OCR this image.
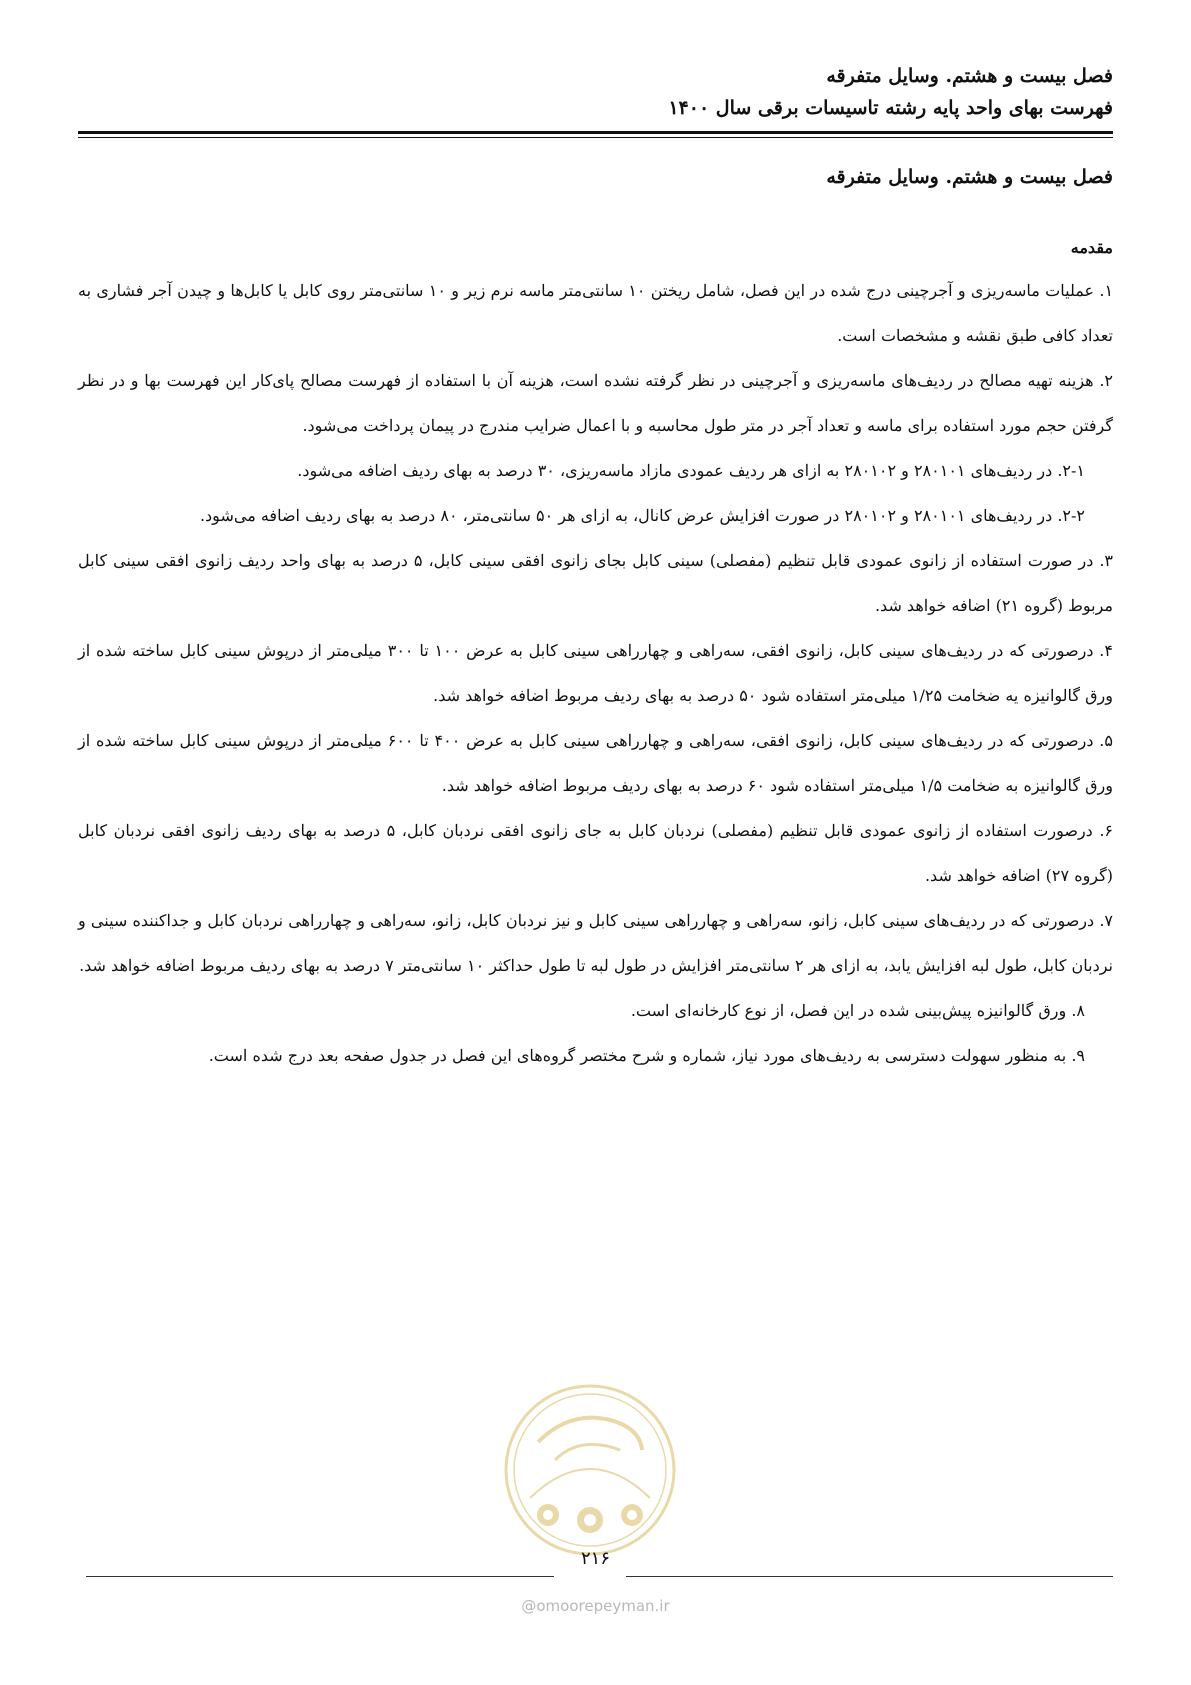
فصل بیست و هشتم. وسایل متفرقه
فهرست بهای واحد پایه رشته تاسیسات برقی سال ۱۴۰۰
فصل بیست و هشتم. وسایل متفرقه
مقدمه

۱. عملیات ماسه‌ریزی و آجرچینی درج شده در این فصل، شامل ریختن ۱۰ سانتی‌متر ماسه نرم زیر و ۱۰ سانتی‌متر روی کابل یا کابل‌ها و چیدن آجر فشاری به تعداد کافی طبق نقشه و مشخصات است.

۲. هزینه تهیه مصالح در ردیف‌های ماسه‌ریزی و آجرچینی در نظر گرفته نشده است، هزینه آن با استفاده از فهرست مصالح پای‌کار این فهرست بها و در نظر گرفتن حجم مورد استفاده برای ماسه و تعداد آجر در متر طول محاسبه و با اعمال ضرایب مندرج در پیمان پرداخت می‌شود.

۲-۱. در ردیف‌های ۲۸۰۱۰۱ و ۲۸۰۱۰۲ به ازای هر ردیف عمودی مازاد ماسه‌ریزی، ۳۰ درصد به بهای ردیف اضافه می‌شود.

۲-۲. در ردیف‌های ۲۸۰۱۰۱ و ۲۸۰۱۰۲ در صورت افزایش عرض کانال، به ازای هر ۵۰ سانتی‌متر، ۸۰ درصد به بهای ردیف اضافه می‌شود.

۳. در صورت استفاده از زانوی عمودی قابل تنظیم (مفصلی) سینی کابل بجای زانوی افقی سینی کابل، ۵ درصد به بهای واحد ردیف زانوی افقی سینی کابل مربوط (گروه ۲۱) اضافه خواهد شد.

۴. درصورتی که در ردیف‌های سینی کابل، زانوی افقی، سه‌راهی و چهارراهی سینی کابل به عرض ۱۰۰ تا ۳۰۰ میلی‌متر از درپوش سینی کابل ساخته شده از ورق گالوانیزه یه ضخامت ۱/۲۵ میلی‌متر استفاده شود ۵۰ درصد به بهای ردیف مربوط اضافه خواهد شد.

۵. درصورتی که در ردیف‌های سینی کابل، زانوی افقی، سه‌راهی و چهارراهی سینی کابل به عرض ۴۰۰ تا ۶۰۰ میلی‌متر از درپوش سینی کابل ساخته شده از ورق گالوانیزه به ضخامت ۱/۵ میلی‌متر استفاده شود ۶۰ درصد به بهای ردیف مربوط اضافه خواهد شد.

۶. درصورت استفاده از زانوی عمودی قابل تنظیم (مفصلی) نردبان کابل به جای زانوی افقی نردبان کابل، ۵ درصد به بهای ردیف زانوی افقی نردبان کابل (گروه ۲۷) اضافه خواهد شد.

۷. درصورتی که در ردیف‌های سینی کابل، زانو، سه‌راهی و چهارراهی سینی کابل و نیز نردبان کابل، زانو، سه‌راهی و چهارراهی نردبان کابل و جداکننده سینی و نردبان کابل، طول لبه افزایش یابد، به ازای هر ۲ سانتی‌متر افزایش در طول لبه تا طول حداکثر ۱۰ سانتی‌متر ۷ درصد به بهای ردیف مربوط اضافه خواهد شد.

۸. ورق گالوانیزه پیش‌بینی شده در این فصل، از نوع کارخانه‌ای است.

۹. به منظور سهولت دسترسی به ردیف‌های مورد نیاز، شماره و شرح مختصر گروه‌های این فصل در جدول صفحه بعد درج شده است.

۲۱۶
@omoorepeyman.ir
